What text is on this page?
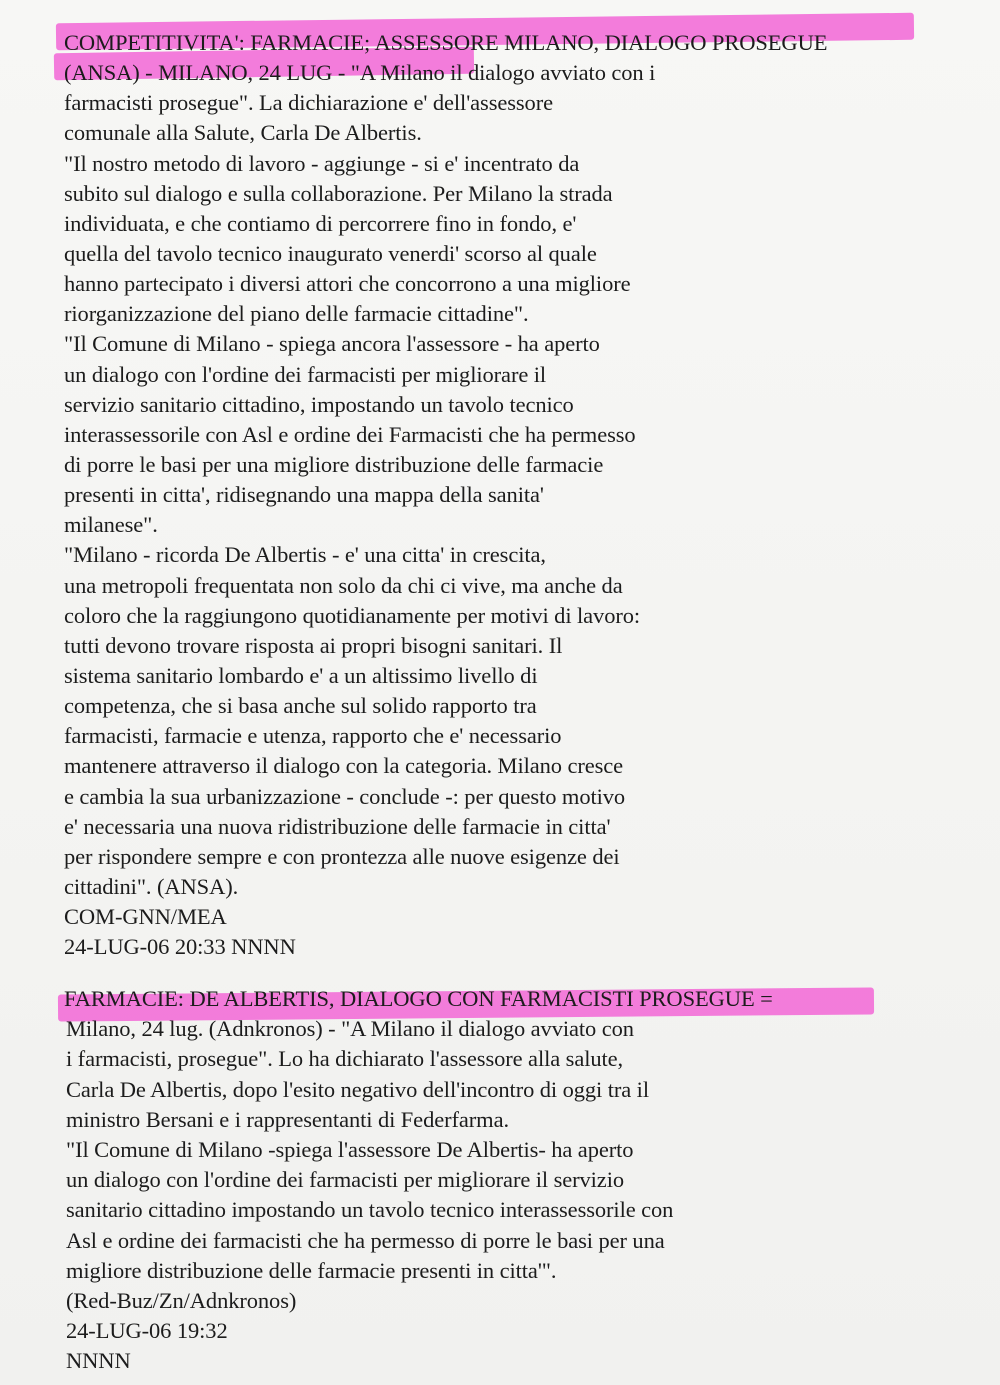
COMPETITIVITA': FARMACIE; ASSESSORE MILANO, DIALOGO PROSEGUE
(ANSA) - MILANO, 24 LUG - "A Milano il dialogo avviato con i
farmacisti prosegue". La dichiarazione e' dell'assessore
comunale alla Salute, Carla De Albertis.
"Il nostro metodo di lavoro - aggiunge - si e' incentrato da
subito sul dialogo e sulla collaborazione. Per Milano la strada
individuata, e che contiamo di percorrere fino in fondo, e'
quella del tavolo tecnico inaugurato venerdi' scorso al quale
hanno partecipato i diversi attori che concorrono a una migliore
riorganizzazione del piano delle farmacie cittadine".
"Il Comune di Milano - spiega ancora l'assessore - ha aperto
un dialogo con l'ordine dei farmacisti per migliorare il
servizio sanitario cittadino, impostando un tavolo tecnico
interassessorile con Asl e ordine dei Farmacisti che ha permesso
di porre le basi per una migliore distribuzione delle farmacie
presenti in citta', ridisegnando una mappa della sanita'
milanese".
"Milano - ricorda De Albertis - e' una citta' in crescita,
una metropoli frequentata non solo da chi ci vive, ma anche da
coloro che la raggiungono quotidianamente per motivi di lavoro:
tutti devono trovare risposta ai propri bisogni sanitari. Il
sistema sanitario lombardo e' a un altissimo livello di
competenza, che si basa anche sul solido rapporto tra
farmacisti, farmacie e utenza, rapporto che e' necessario
mantenere attraverso il dialogo con la categoria. Milano cresce
e cambia la sua urbanizzazione - conclude -: per questo motivo
e' necessaria una nuova ridistribuzione delle farmacie in citta'
per rispondere sempre e con prontezza alle nuove esigenze dei
cittadini". (ANSA).
COM-GNN/MEA
24-LUG-06 20:33 NNNN
FARMACIE: DE ALBERTIS, DIALOGO CON FARMACISTI PROSEGUE =
Milano, 24 lug. (Adnkronos) - "A Milano il dialogo avviato con
i farmacisti, prosegue". Lo ha dichiarato l'assessore alla salute,
Carla De Albertis, dopo l'esito negativo dell'incontro di oggi tra il
ministro Bersani e i rappresentanti di Federfarma.
"Il Comune di Milano -spiega l'assessore De Albertis- ha aperto
un dialogo con l'ordine dei farmacisti per migliorare il servizio
sanitario cittadino impostando un tavolo tecnico interassessorile con
Asl e ordine dei farmacisti che ha permesso di porre le basi per una
migliore distribuzione delle farmacie presenti in citta'".
(Red-Buz/Zn/Adnkronos)
24-LUG-06 19:32
NNNN
